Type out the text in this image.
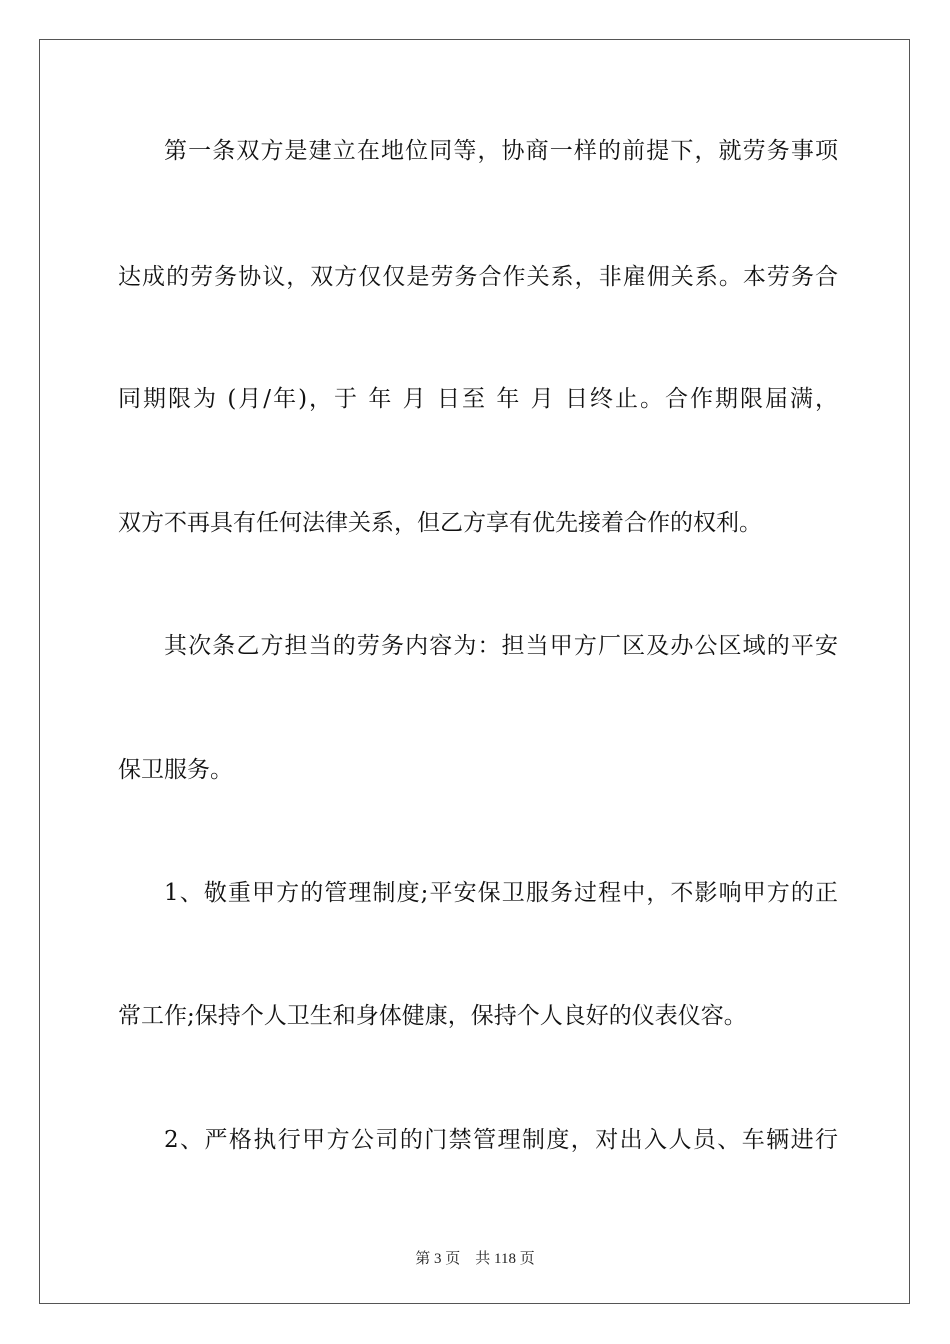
第一条双方是建立在地位同等，协商一样的前提下，就劳务事项
达成的劳务协议，双方仅仅是劳务合作关系，非雇佣关系。本劳务合
同期限为 (月/年)，于 年 月 日至 年 月 日终止。合作期限届满，
双方不再具有任何法律关系，但乙方享有优先接着合作的权利。
其次条乙方担当的劳务内容为：担当甲方厂区及办公区域的平安
保卫服务。
1、敬重甲方的管理制度;平安保卫服务过程中，不影响甲方的正
常工作;保持个人卫生和身体健康，保持个人良好的仪表仪容。
2、严格执行甲方公司的门禁管理制度，对出入人员、车辆进行
第 3 页 共 118 页
